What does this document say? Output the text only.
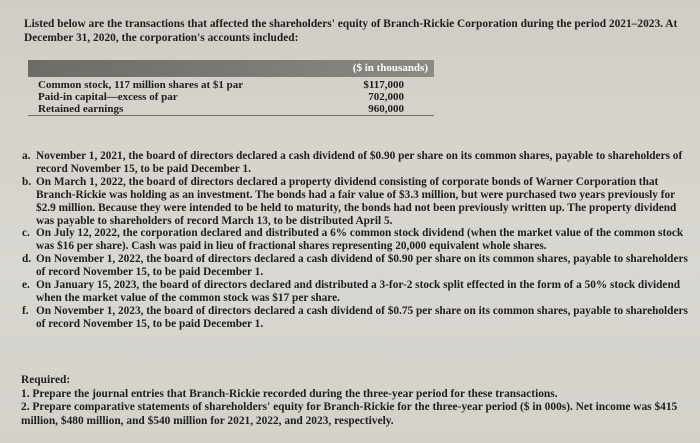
Listed below are the transactions that affected the shareholders' equity of Branch-Rickie Corporation during the period 2021–2023. At December 31, 2020, the corporation's accounts included:

($ in thousands)
Common stock, 117 million shares at $1 par	$117,000
Paid-in capital—excess of par	702,000
Retained earnings	960,000
a. November 1, 2021, the board of directors declared a cash dividend of $0.90 per share on its common shares, payable to shareholders of record November 15, to be paid December 1.
b. On March 1, 2022, the board of directors declared a property dividend consisting of corporate bonds of Warner Corporation that Branch-Rickie was holding as an investment. The bonds had a fair value of $3.3 million, but were purchased two years previously for $2.9 million. Because they were intended to be held to maturity, the bonds had not been previously written up. The property dividend was payable to shareholders of record March 13, to be distributed April 5.
c. On July 12, 2022, the corporation declared and distributed a 6% common stock dividend (when the market value of the common stock was $16 per share). Cash was paid in lieu of fractional shares representing 20,000 equivalent whole shares.
d. On November 1, 2022, the board of directors declared a cash dividend of $0.90 per share on its common shares, payable to shareholders of record November 15, to be paid December 1.
e. On January 15, 2023, the board of directors declared and distributed a 3-for-2 stock split effected in the form of a 50% stock dividend when the market value of the common stock was $17 per share.
f. On November 1, 2023, the board of directors declared a cash dividend of $0.75 per share on its common shares, payable to shareholders of record November 15, to be paid December 1.

Required:

1. Prepare the journal entries that Branch-Rickie recorded during the three-year period for these transactions.

2. Prepare comparative statements of shareholders' equity for Branch-Rickie for the three-year period ($ in 000s). Net income was $415 million, $480 million, and $540 million for 2021, 2022, and 2023, respectively.
